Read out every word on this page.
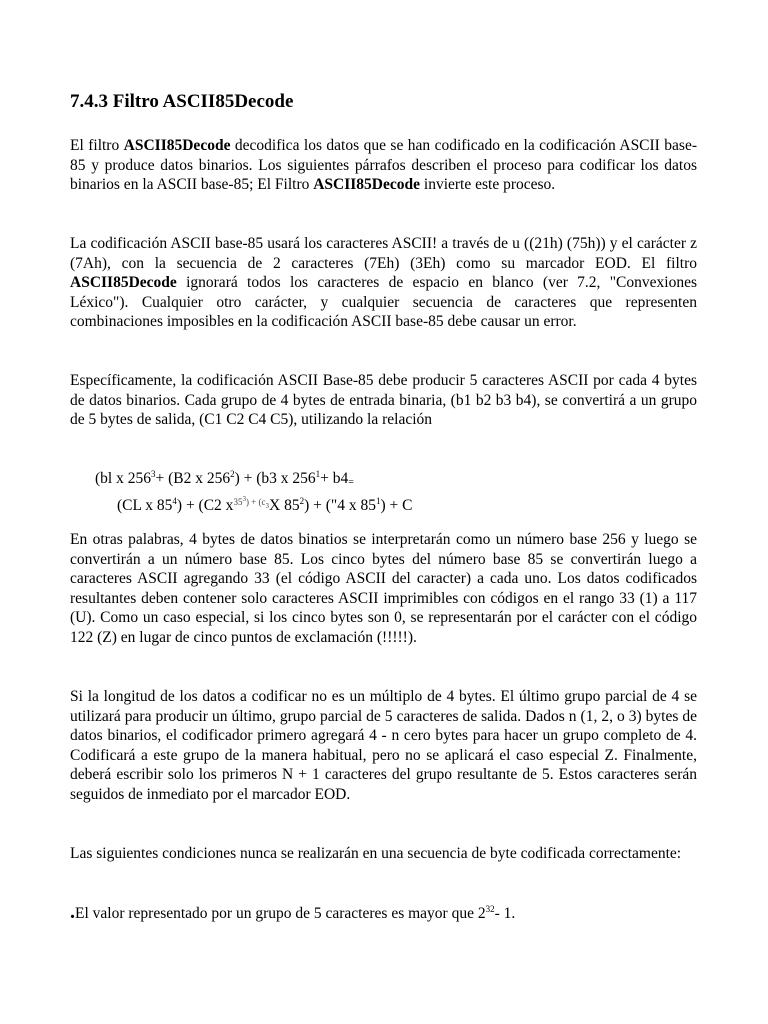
7.4.3 Filtro ASCII85Decode

El filtro ASCII85Decode decodifica los datos que se han codificado en la codificación ASCII base-85 y produce datos binarios. Los siguientes párrafos describen el proceso para codificar los datos binarios en la ASCII base-85; El Filtro ASCII85Decode invierte este proceso.

La codificación ASCII base-85 usará los caracteres ASCII! a través de u ((21h) (75h)) y el carácter z (7Ah), con la secuencia de 2 caracteres (7Eh) (3Eh) como su marcador EOD. El filtro ASCII85Decode ignorará todos los caracteres de espacio en blanco (ver 7.2, "Convexiones Léxico"). Cualquier otro carácter, y cualquier secuencia de caracteres que representen combinaciones imposibles en la codificación ASCII base-85 debe causar un error.

Específicamente, la codificación ASCII Base-85 debe producir 5 caracteres ASCII por cada 4 bytes de datos binarios. Cada grupo de 4 bytes de entrada binaria, (b1 b2 b3 b4), se convertirá a un grupo de 5 bytes de salida, (C1 C2 C4 C5), utilizando la relación

(bl x $256^3+ (B2$ x $256^2) + (b3$ x $256^1+ b4=$
(CL x $85^4) + (C2$ $x^{353) + (c}3X$ $85^2$) + ("4 x $85^1) + C$

En otras palabras, 4 bytes de datos binatios se interpretarán como un número base 256 y luego se convertirán a un número base 85. Los cinco bytes del número base 85 se convertirán luego a caracteres ASCII agregando 33 (el código ASCII del caracter) a cada uno. Los datos codificados resultantes deben contener solo caracteres ASCII imprimibles con códigos en el rango 33 (1) a 117 (U). Como un caso especial, si los cinco bytes son 0, se representarán por el carácter con el código 122 (Z) en lugar de cinco puntos de exclamación (!!!!!).

Si la longitud de los datos a codificar no es un múltiplo de 4 bytes. El último grupo parcial de 4 se utilizará para producir un último, grupo parcial de 5 caracteres de salida. Dados n (1, 2, o 3) bytes de datos binarios, el codificador primero agregará 4 - n cero bytes para hacer un grupo completo de 4. Codificará a este grupo de la manera habitual, pero no se aplicará el caso especial Z. Finalmente, deberá escribir solo los primeros N + 1 caracteres del grupo resultante de 5. Estos caracteres serán seguidos de inmediato por el marcador EOD.

Las siguientes condiciones nunca se realizarán en una secuencia de byte codificada correctamente:

.El valor representado por un grupo de 5 caracteres es mayor que $2^{32}-$ 1.
